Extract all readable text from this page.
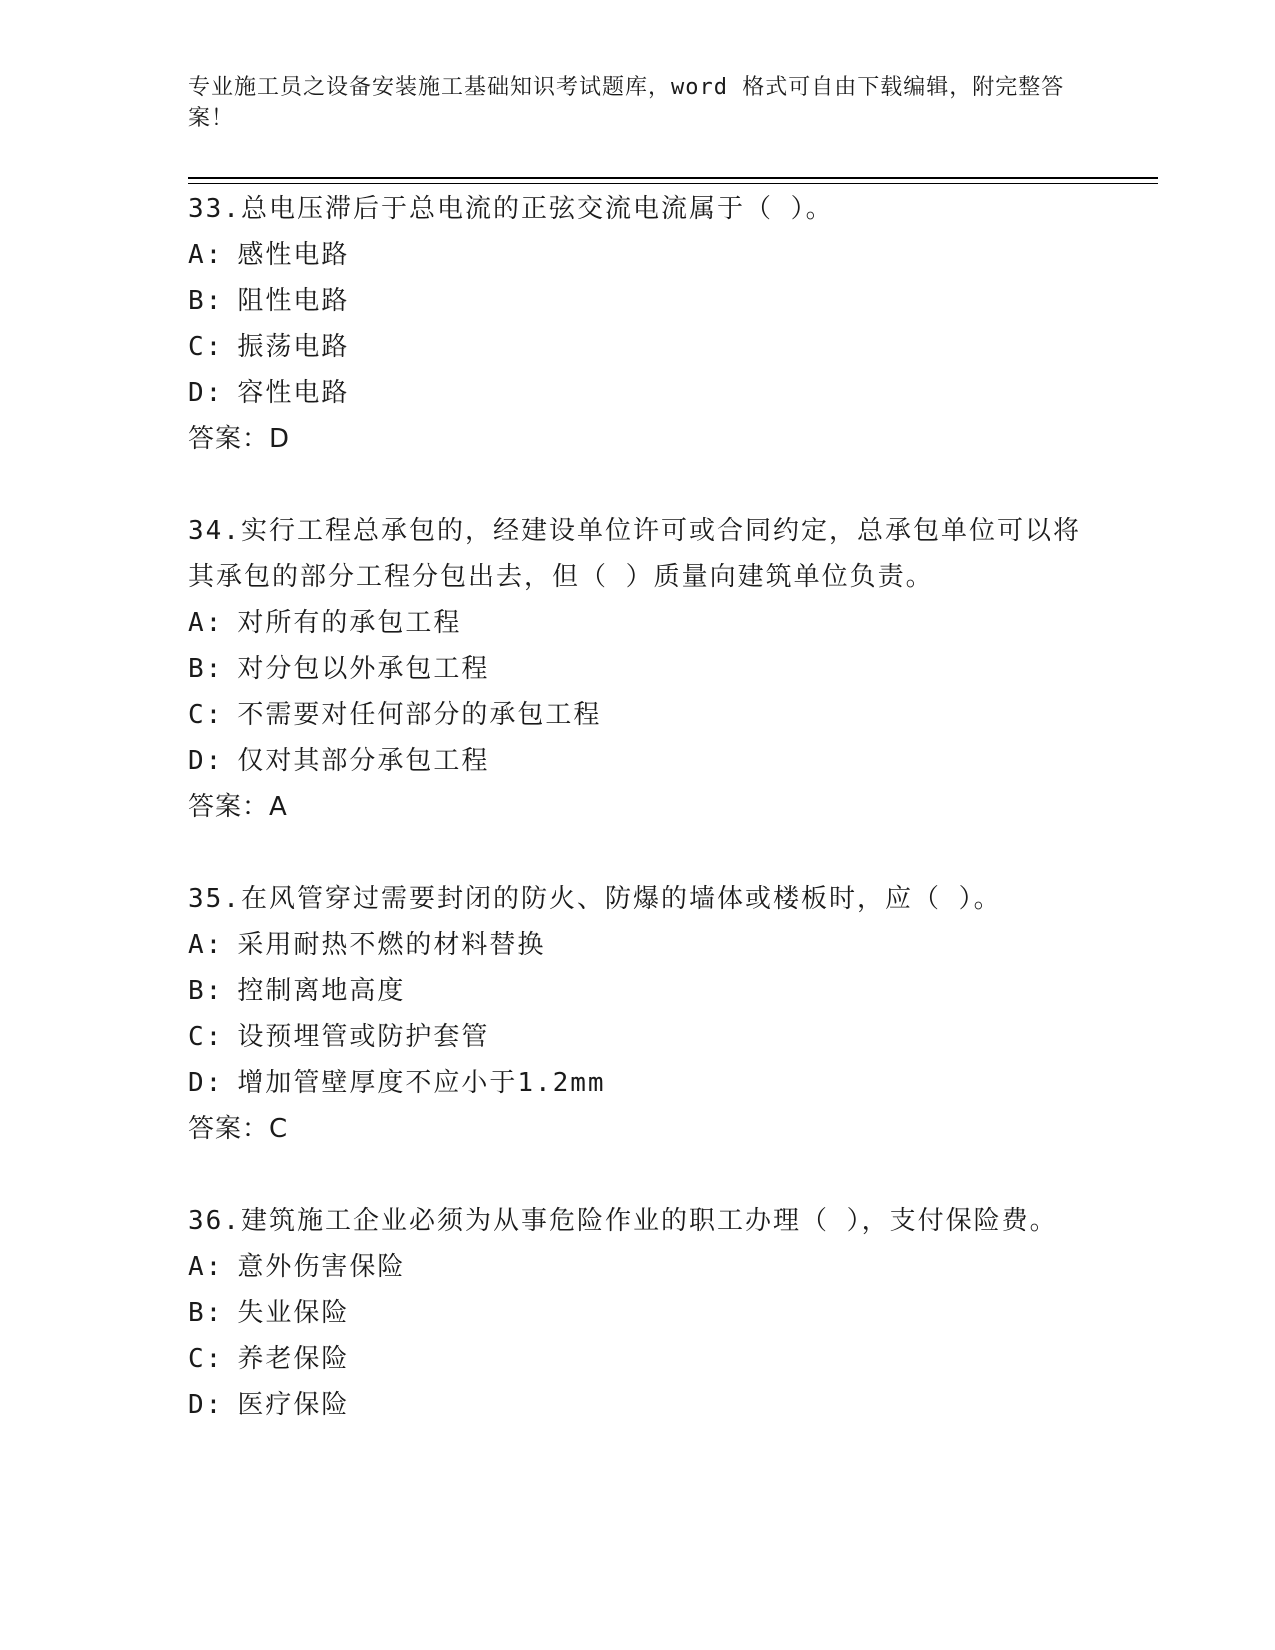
专业施工员之设备安装施工基础知识考试题库，word 格式可自由下载编辑，附完整答案！
33.总电压滞后于总电流的正弦交流电流属于（ ）。
A: 感性电路
B: 阻性电路
C: 振荡电路
D: 容性电路
答案：D
34.实行工程总承包的，经建设单位许可或合同约定，总承包单位可以将其承包的部分工程分包出去，但（ ）质量向建筑单位负责。
A: 对所有的承包工程
B: 对分包以外承包工程
C: 不需要对任何部分的承包工程
D: 仅对其部分承包工程
答案：A
35.在风管穿过需要封闭的防火、防爆的墙体或楼板时，应（ ）。
A: 采用耐热不燃的材料替换
B: 控制离地高度
C: 设预埋管或防护套管
D: 增加管壁厚度不应小于1.2mm
答案：C
36.建筑施工企业必须为从事危险作业的职工办理（ ），支付保险费。
A: 意外伤害保险
B: 失业保险
C: 养老保险
D: 医疗保险
